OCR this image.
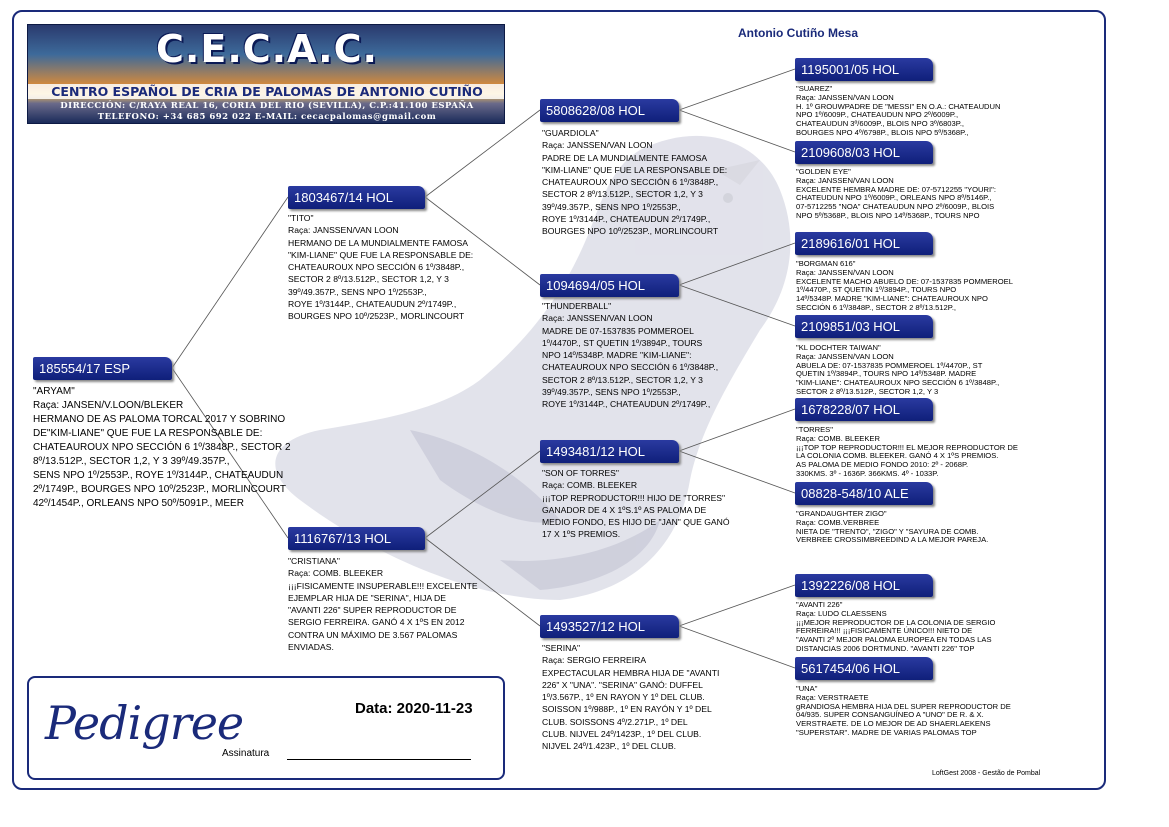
C.E.C.A.C.
CENTRO ESPAÑOL DE CRIA DE PALOMAS DE ANTONIO CUTIÑO
DIRECCIÓN: C/RAYA REAL 16, CORIA DEL RIO (SEVILLA), C.P.:41.100 ESPAÑA
TELEFONO: +34 685 692 022 E-MAIL: cecacpalomas@gmail.com
Antonio Cutiño Mesa
185554/17 ESP
"ARYAM"
Raça: JANSEN/V.LOON/BLEKER
HERMANO DE AS PALOMA TORCAL 2017 Y SOBRINO
DE"KIM-LIANE" QUE FUE LA RESPONSABLE DE:
CHATEAUROUX NPO SECCIÓN 6 1º/3848P., SECTOR 2
8º/13.512P., SECTOR 1,2, Y 3 39º/49.357P.,
SENS NPO 1º/2553P., ROYE 1º/3144P., CHATEAUDUN
2º/1749P., BOURGES NPO 10º/2523P., MORLINCOURT
42º/1454P., ORLEANS NPO 50º/5091P., MEER
1803467/14 HOL
"TITO"
Raça: JANSSEN/VAN LOON
HERMANO DE LA MUNDIALMENTE FAMOSA
"KIM-LIANE" QUE FUE LA RESPONSABLE DE:
CHATEAUROUX NPO SECCIÓN 6 1º/3848P.,
SECTOR 2 8º/13.512P., SECTOR 1,2, Y 3
39º/49.357P., SENS NPO 1º/2553P.,
ROYE 1º/3144P., CHATEAUDUN 2º/1749P.,
BOURGES NPO 10º/2523P., MORLINCOURT
1116767/13 HOL
"CRISTIANA"
Raça: COMB. BLEEKER
¡¡¡FISICAMENTE INSUPERABLE!!! EXCELENTE
EJEMPLAR HIJA DE "SERINA", HIJA DE
"AVANTI 226" SUPER REPRODUCTOR DE
SERGIO FERREIRA. GANÓ 4 X 1ºS EN 2012
CONTRA UN MÁXIMO DE 3.567 PALOMAS
ENVIADAS.
5808628/08 HOL
"GUARDIOLA"
Raça: JANSSEN/VAN LOON
PADRE DE LA MUNDIALMENTE FAMOSA
"KIM-LIANE" QUE FUE LA RESPONSABLE DE:
CHATEAUROUX NPO SECCIÓN 6 1º/3848P.,
SECTOR 2 8º/13.512P., SECTOR 1,2, Y 3
39º/49.357P., SENS NPO 1º/2553P.,
ROYE 1º/3144P., CHATEAUDUN 2º/1749P.,
BOURGES NPO 10º/2523P., MORLINCOURT
1094694/05 HOL
"THUNDERBALL"
Raça: JANSSEN/VAN LOON
MADRE DE 07-1537835 POMMEROEL
1º/4470P., ST QUETIN 1º/3894P., TOURS
NPO 14º/5348P. MADRE "KIM-LIANE":
CHATEAUROUX NPO SECCIÓN 6 1º/3848P.,
SECTOR 2 8º/13.512P., SECTOR 1,2, Y 3
39º/49.357P., SENS NPO 1º/2553P.,
ROYE 1º/3144P., CHATEAUDUN 2º/1749P.,
1493481/12 HOL
"SON OF TORRES"
Raça: COMB. BLEEKER
¡¡¡TOP REPRODUCTOR!!! HIJO DE "TORRES"
GANADOR DE 4 X 1ºS.1º AS PALOMA DE
MEDIO FONDO, ES HIJO DE "JAN" QUE GANÓ
17 X 1ºS PREMIOS.
1493527/12 HOL
"SERINA"
Raça: SERGIO FERREIRA
EXPECTACULAR HEMBRA HIJA DE "AVANTI
226" X "UNA". "SERINA" GANÓ: DUFFEL
1º/3.567P., 1º EN RAYON Y 1º DEL CLUB.
SOISSON 1º/988P., 1º EN RAYÓN Y 1º DEL
CLUB. SOISSONS 4º/2.271P., 1º DEL
CLUB. NIJVEL 24º/1423P., 1º DEL CLUB.
NIJVEL 24º/1.423P., 1º DEL CLUB.
1195001/05 HOL
"SUAREZ"
Raça: JANSSEN/VAN LOON
H. 1º GROUWPADRE DE "MESSI" EN O.A.: CHATEAUDUN
NPO 1º/6009P., CHATEAUDUN NPO 2º/6009P.,
CHATEAUDUN 3º/6009P., BLOIS NPO 3º/6803P.,
BOURGES NPO 4º/6798P., BLOIS NPO 5º/5368P.,
2109608/03 HOL
"GOLDEN EYE"
Raça: JANSSEN/VAN LOON
EXCELENTE HEMBRA MADRE DE: 07-5712255 "YOURI":
CHATEUDUN NPO 1º/6009P., ORLEANS NPO 8º/5146P.,
07-5712255 "NOA" CHATEAUDUN NPO 2º/6009P., BLOIS
NPO 5º/5368P., BLOIS NPO 14º/5368P., TOURS NPO
2189616/01 HOL
"BORGMAN 616"
Raça: JANSSEN/VAN LOON
EXCELENTE MACHO ABUELO DE: 07-1537835 POMMEROEL
1º/4470P., ST QUETIN 1º/3894P., TOURS NPO
14º/5348P. MADRE "KIM-LIANE": CHATEAUROUX NPO
SECCIÓN 6 1º/3848P., SECTOR 2 8º/13.512P.,
2109851/03 HOL
"KL DOCHTER TAIWAN"
Raça: JANSSEN/VAN LOON
ABUELA DE: 07-1537835 POMMEROEL 1º/4470P., ST
QUETIN 1º/3894P., TOURS NPO 14º/5348P. MADRE
"KIM-LIANE": CHATEAUROUX NPO SECCIÓN 6 1º/3848P.,
SECTOR 2 8º/13.512P., SECTOR 1,2, Y 3
1678228/07 HOL
"TORRES"
Raça: COMB. BLEEKER
¡¡¡TOP TOP REPRODUCTOR!!! EL MEJOR REPRODUCTOR DE
LA COLONIA COMB. BLEEKER. GANÓ 4 X 1ºS PREMIOS.
AS PALOMA DE MEDIO FONDO 2010: 2º - 2068P.
330KMS. 3º - 1636P. 366KMS. 4º - 1033P.
08828-548/10 ALE
"GRANDAUGHTER ZIGO"
Raça: COMB.VERBREE
NIETA DE "TRENTO", "ZIGO" Y "SAYURA DE COMB.
VERBREE CROSSIMBREEDIND A LA MEJOR PAREJA.
1392226/08 HOL
"AVANTI 226"
Raça: LUDO CLAESSENS
¡¡¡MEJOR REPRODUCTOR DE LA COLONIA DE SERGIO
FERREIRA!!! ¡¡¡FISICAMENTE ÚNICO!!! NIETO DE
"AVANTI 2º MEJOR PALOMA EUROPEA EN TODAS LAS
DISTANCIAS 2006 DORTMUND. "AVANTI 226" TOP
5617454/06 HOL
"UNA"
Raça: VERSTRAETE
gRANDIOSA HEMBRA HIJA DEL SUPER REPRODUCTOR DE
04/935. SUPER CONSANGUÍNEO A "UNO" DE R. & X.
VERSTRAETE. DE LO MEJOR DE AD SHAERLAEKENS
"SUPERSTAR". MADRE DE VARIAS PALOMAS TOP
Pedigree	Data: 2020-11-23
Assinatura
LoftGest 2008 - Gestão de Pombal
